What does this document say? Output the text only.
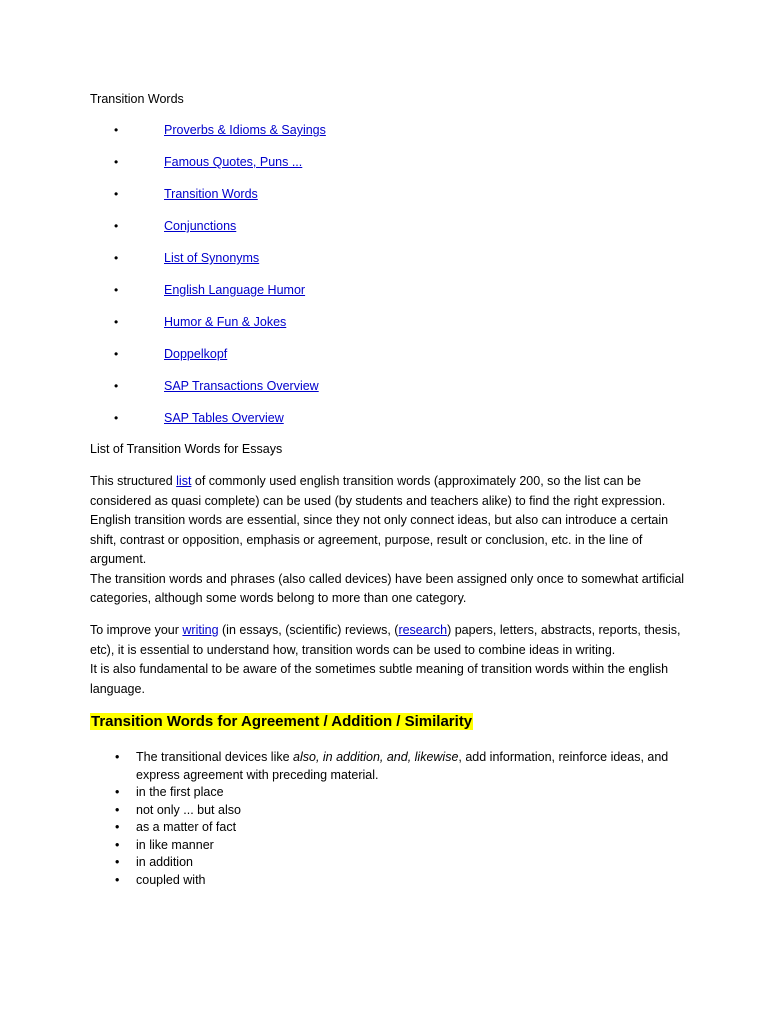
Transition Words
•	Proverbs & Idioms & Sayings
•	Famous Quotes, Puns ...
•	Transition Words
•	Conjunctions
•	List of Synonyms
•	English Language Humor
•	Humor & Fun & Jokes
•	Doppelkopf
•	SAP Transactions Overview
•	SAP Tables Overview
List of Transition Words for Essays

This structured list of commonly used english transition words (approximately 200, so the list can be considered as quasi complete) can be used (by students and teachers alike) to find the right expression. English transition words are essential, since they not only connect ideas, but also can introduce a certain shift, contrast or opposition, emphasis or agreement, purpose, result or conclusion, etc. in the line of argument.

The transition words and phrases (also called devices) have been assigned only once to somewhat artificial categories, although some words belong to more than one category.

To improve your writing (in essays, (scientific) reviews, (research) papers, letters, abstracts, reports, thesis, etc), it is essential to understand how, transition words can be used to combine ideas in writing.

It is also fundamental to be aware of the sometimes subtle meaning of transition words within the english language.

Transition Words for Agreement / Addition / Similarity
• The transitional devices like also, in addition, and, likewise, add information, reinforce ideas, and express agreement with preceding material.
• in the first place
• not only ... but also
• as a matter of fact
• in like manner
• in addition
• coupled with
